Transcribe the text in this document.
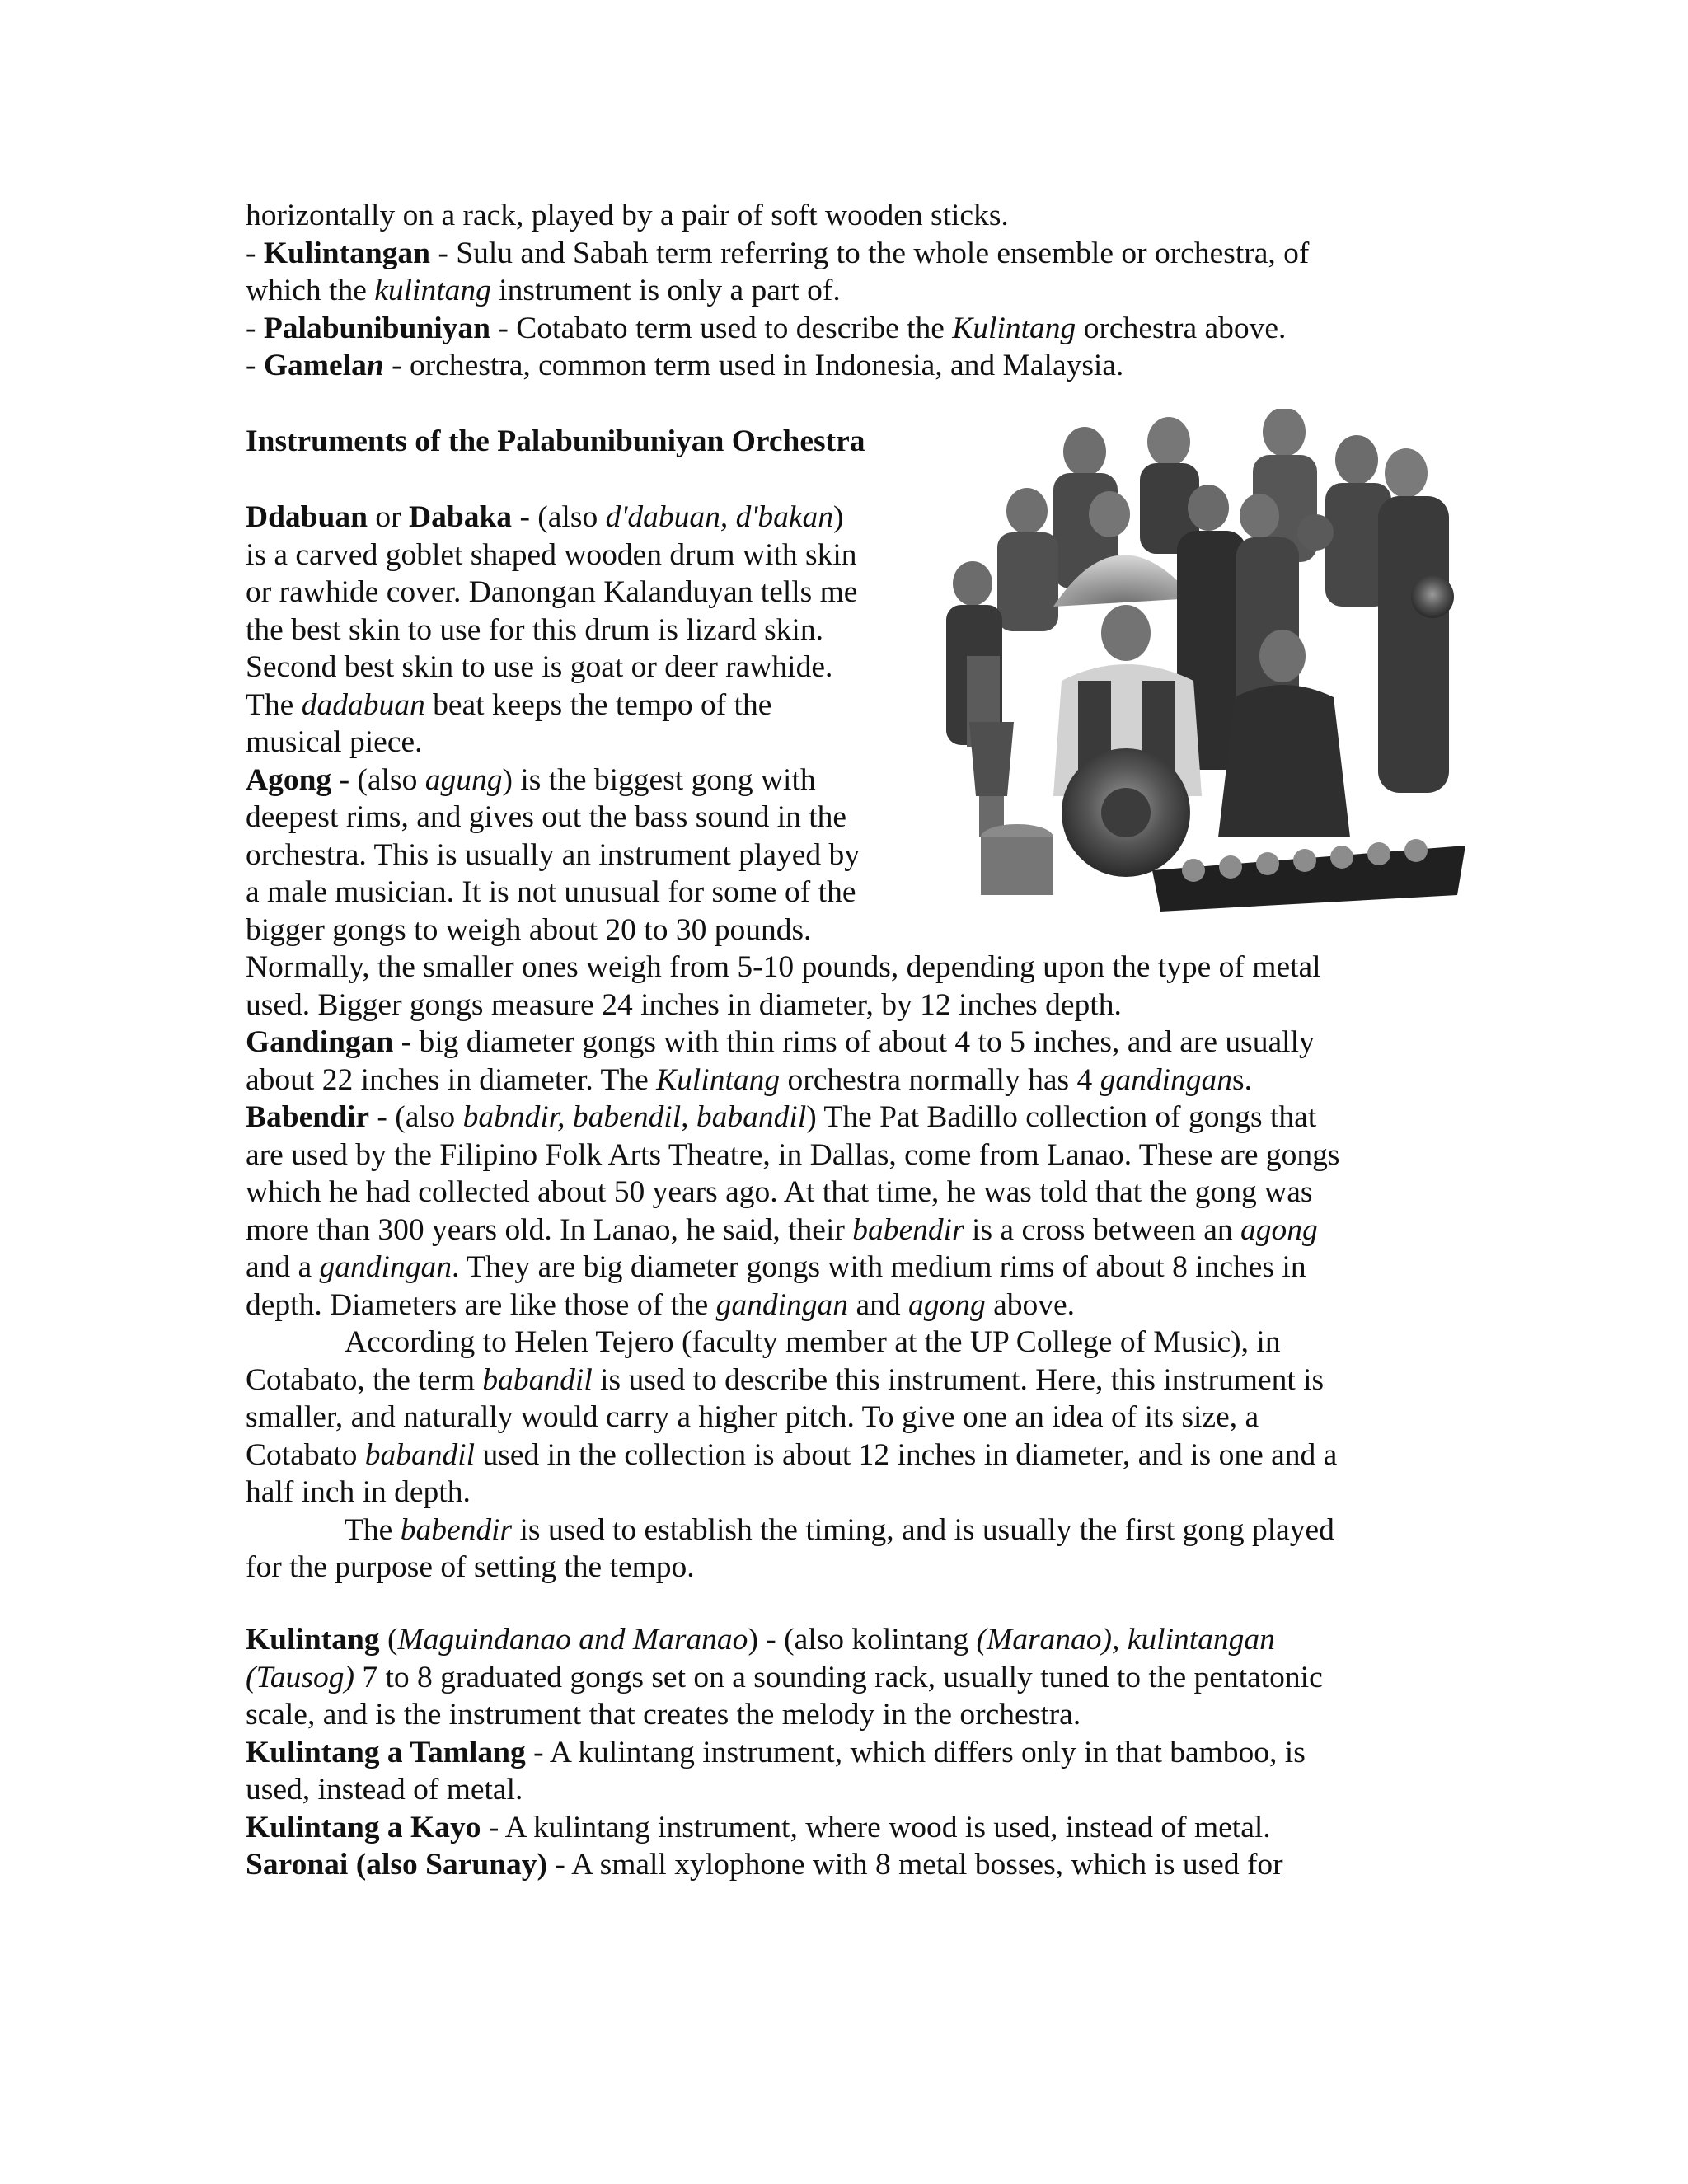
horizontally on a rack, played by a pair of soft wooden sticks.
- Kulintangan - Sulu and Sabah term referring to the whole ensemble or orchestra, of
which the kulintang instrument is only a part of.
- Palabunibuniyan - Cotabato term used to describe the Kulintang orchestra above.
- Gamelan - orchestra, common term used in Indonesia, and Malaysia.
Instruments of the Palabunibuniyan Orchestra
Ddabuan or Dabaka - (also d'dabuan, d'bakan)
is a carved goblet shaped wooden drum with skin
or rawhide cover. Danongan Kalanduyan tells me
the best skin to use for this drum is lizard skin.
Second best skin to use is goat or deer rawhide.
The dadabuan beat keeps the tempo of the
musical piece.
Agong - (also agung) is the biggest gong with
deepest rims, and gives out the bass sound in the
orchestra. This is usually an instrument played by
a male musician. It is not unusual for some of the
bigger gongs to weigh about 20 to 30 pounds.
Normally, the smaller ones weigh from 5-10 pounds, depending upon the type of metal
used. Bigger gongs measure 24 inches in diameter, by 12 inches depth.
Gandingan - big diameter gongs with thin rims of about 4 to 5 inches, and are usually
about 22 inches in diameter. The Kulintang orchestra normally has 4 gandingans.
Babendir - (also babndir, babendil, babandil) The Pat Badillo collection of gongs that
are used by the Filipino Folk Arts Theatre, in Dallas, come from Lanao. These are gongs
which he had collected about 50 years ago. At that time, he was told that the gong was
more than 300 years old. In Lanao, he said, their babendir is a cross between an agong
and a gandingan. They are big diameter gongs with medium rims of about 8 inches in
depth. Diameters are like those of the gandingan and agong above.
According to Helen Tejero (faculty member at the UP College of Music), in
Cotabato, the term babandil is used to describe this instrument. Here, this instrument is
smaller, and naturally would carry a higher pitch. To give one an idea of its size, a
Cotabato babandil used in the collection is about 12 inches in diameter, and is one and a
half inch in depth.
The babendir is used to establish the timing, and is usually the first gong played
for the purpose of setting the tempo.
Kulintang (Maguindanao and Maranao) - (also kolintang (Maranao), kulintangan
(Tausog) 7 to 8 graduated gongs set on a sounding rack, usually tuned to the pentatonic
scale, and is the instrument that creates the melody in the orchestra.
Kulintang a Tamlang - A kulintang instrument, which differs only in that bamboo, is
used, instead of metal.
Kulintang a Kayo - A kulintang instrument, where wood is used, instead of metal.
Saronai (also Sarunay) - A small xylophone with 8 metal bosses, which is used for
